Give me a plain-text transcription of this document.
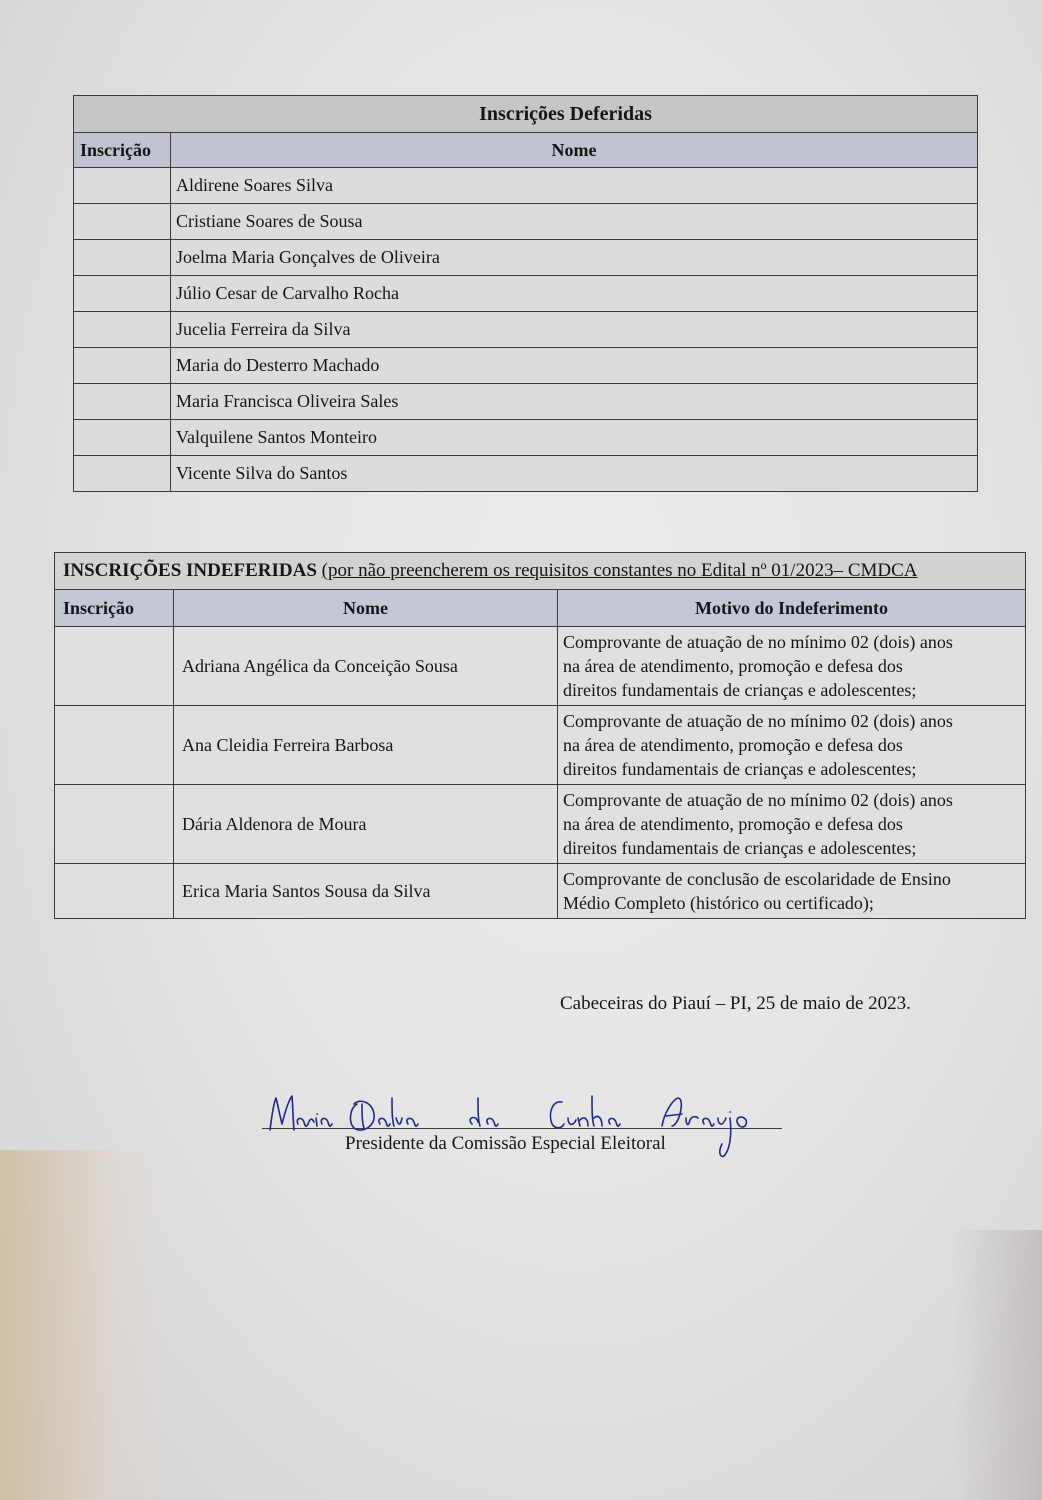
Inscrições Deferidas	
Inscrição	Nome
	Aldirene Soares Silva
	Cristiane Soares de Sousa
	Joelma Maria Gonçalves de Oliveira
	Júlio Cesar de Carvalho Rocha
	Jucelia Ferreira da Silva
	Maria do Desterro Machado
	Maria Francisca Oliveira Sales
	Valquilene Santos Monteiro
	Vicente Silva do Santos
INSCRIÇÕES INDEFERIDAS (por não preencherem os requisitos constantes no Edital nº 01/2023– CMDCA		
Inscrição	Nome	Motivo do Indeferimento
	Adriana Angélica da Conceição Sousa	Comprovante de atuação de no mínimo 02 (dois) anos
na área de atendimento, promoção e defesa dos
direitos fundamentais de crianças e adolescentes;

	Ana Cleidia Ferreira Barbosa	Comprovante de atuação de no mínimo 02 (dois) anos
na área de atendimento, promoção e defesa dos
direitos fundamentais de crianças e adolescentes;

	Dária Aldenora de Moura	Comprovante de atuação de no mínimo 02 (dois) anos
na área de atendimento, promoção e defesa dos
direitos fundamentais de crianças e adolescentes;

	Erica Maria Santos Sousa da Silva	Comprovante de conclusão de escolaridade de Ensino
Médio Completo (histórico ou certificado);
Cabeceiras do Piauí – PI, 25 de maio de 2023.
Presidente da Comissão Especial Eleitoral
